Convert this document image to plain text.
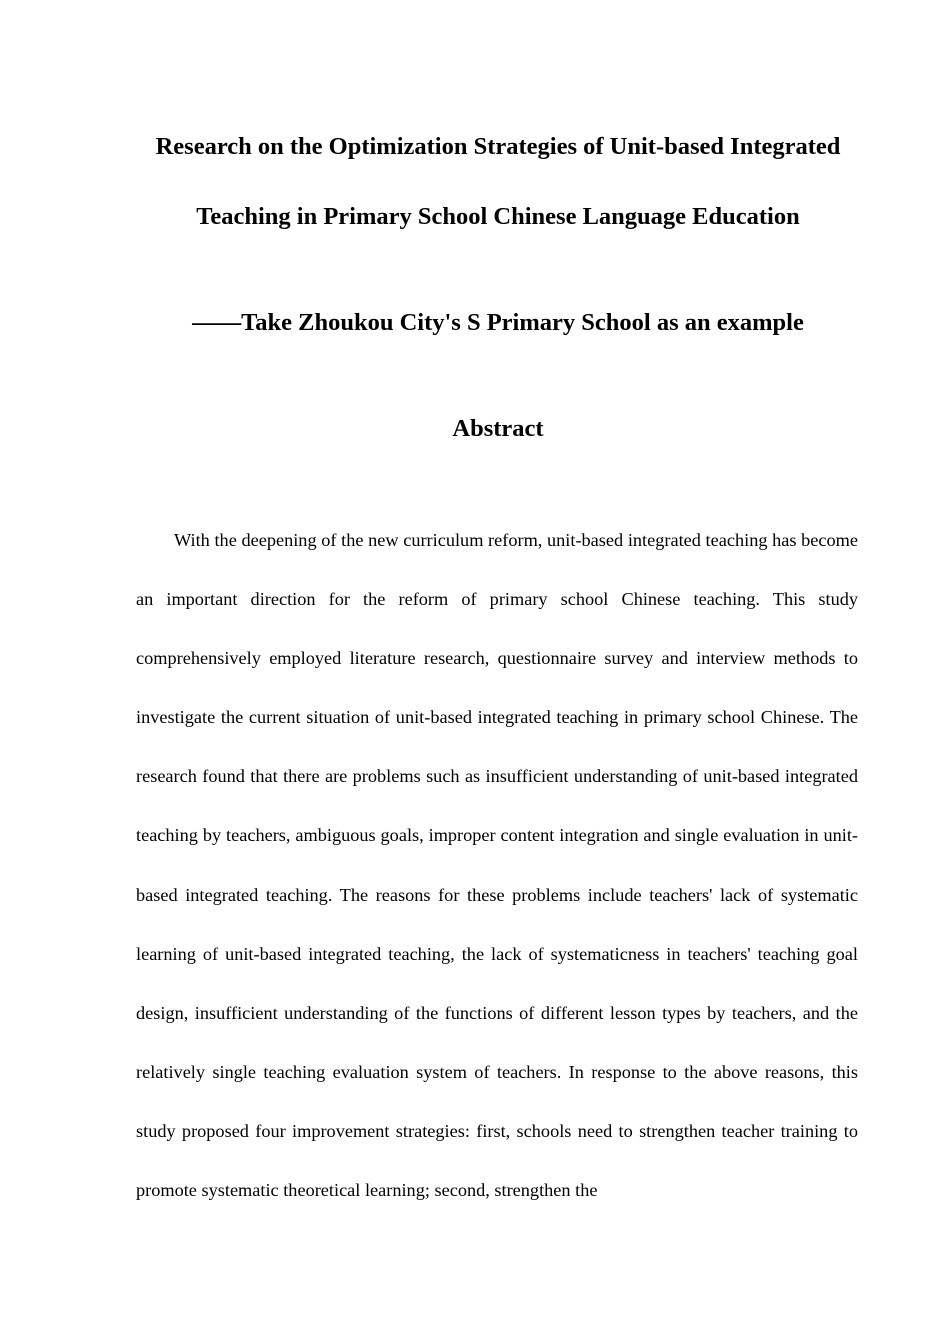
Research on the Optimization Strategies of Unit-based Integrated
Teaching in Primary School Chinese Language Education
——Take Zhoukou City's S Primary School as an example
Abstract

With the deepening of the new curriculum reform, unit-based integrated teaching has become an important direction for the reform of primary school Chinese teaching. This study comprehensively employed literature research, questionnaire survey and interview methods to investigate the current situation of unit-based integrated teaching in primary school Chinese. The research found that there are problems such as insufficient understanding of unit-based integrated teaching by teachers, ambiguous goals, improper content integration and single evaluation in unit-based integrated teaching. The reasons for these problems include teachers' lack of systematic learning of unit-based integrated teaching, the lack of systematicness in teachers' teaching goal design, insufficient understanding of the functions of different lesson types by teachers, and the relatively single teaching evaluation system of teachers. In response to the above reasons, this study proposed four improvement strategies: first, schools need to strengthen teacher training to promote systematic theoretical learning; second, strengthen the
